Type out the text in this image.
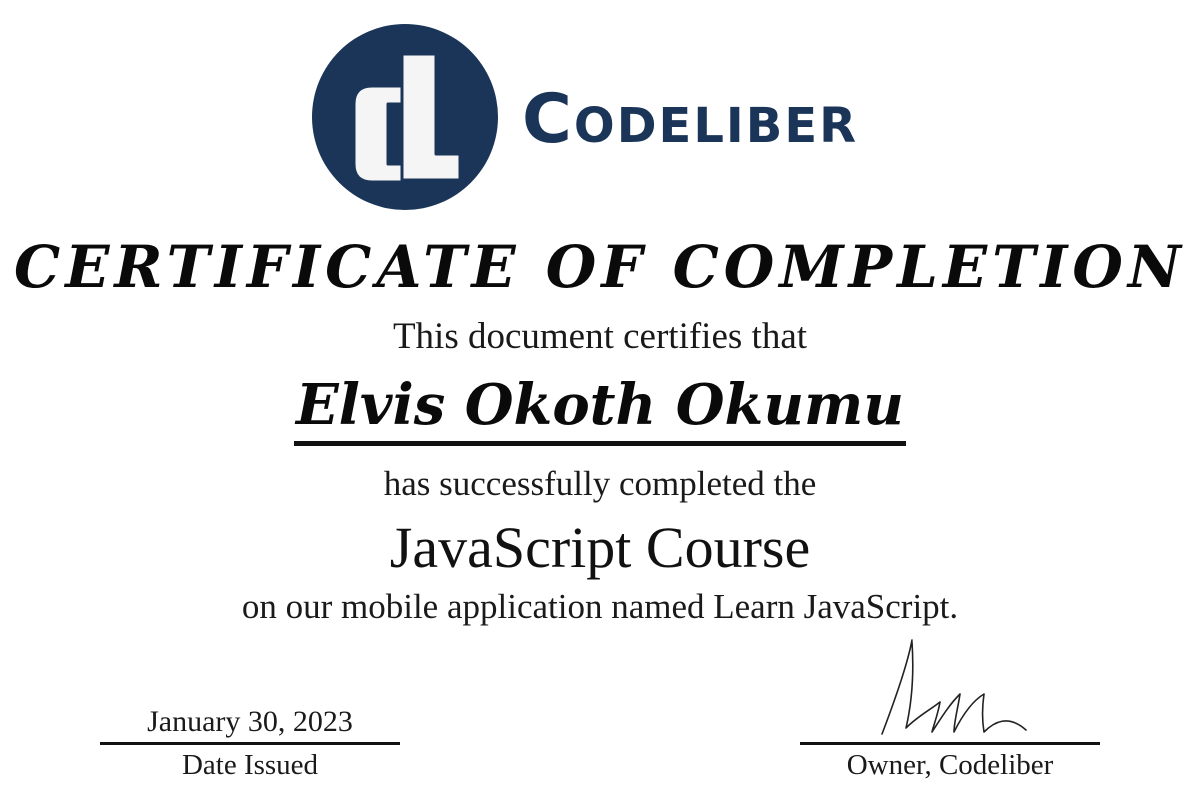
Codeliber
CERTIFICATE OF COMPLETION
This document certifies that
Elvis Okoth Okumu
has successfully completed the
JavaScript Course
on our mobile application named Learn JavaScript.
January 30, 2023
Date Issued	Owner, Codeliber
